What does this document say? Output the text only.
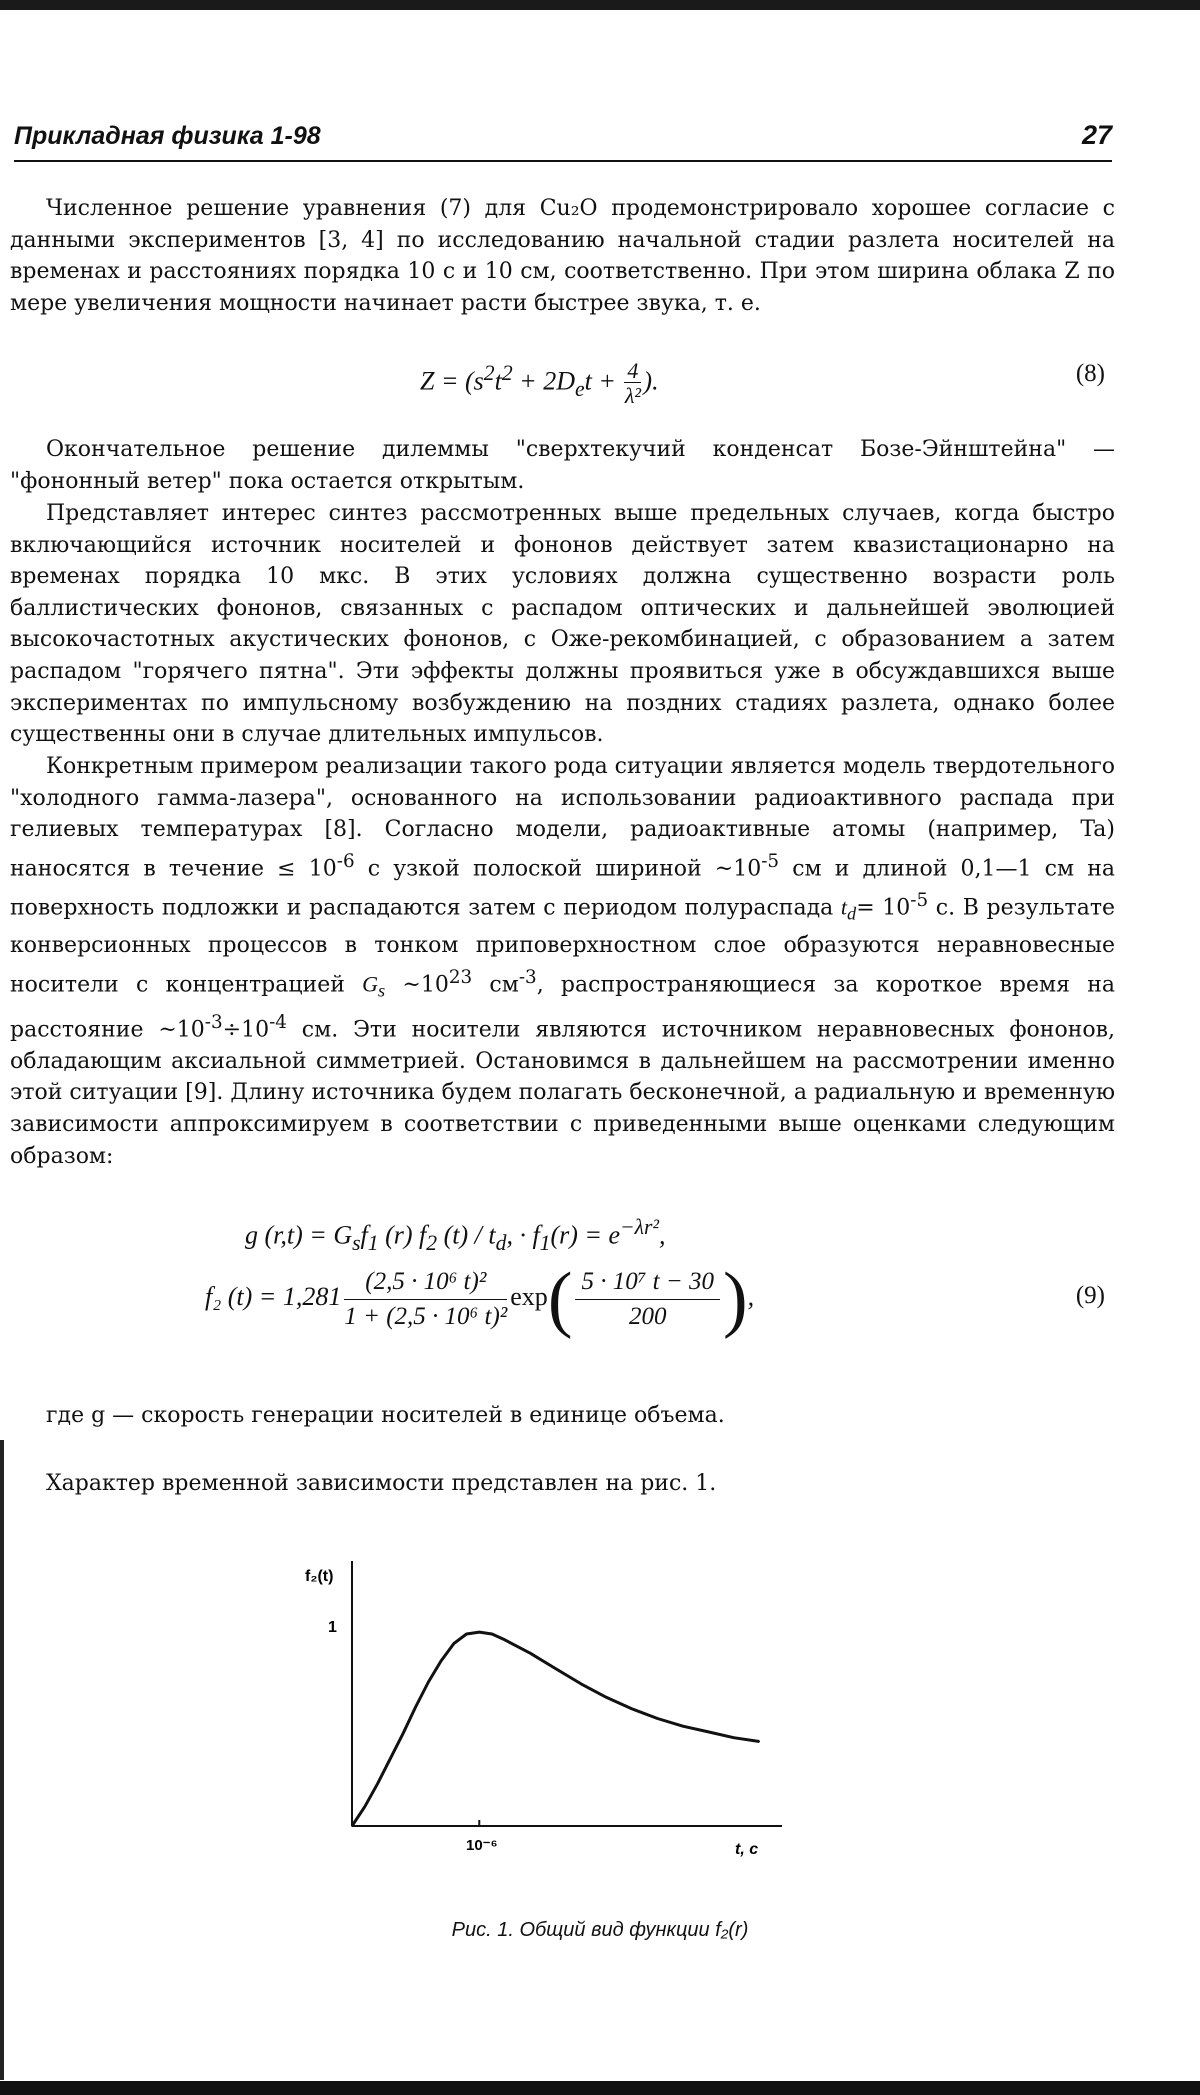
Прикладная физика 1-98	27

Численное решение уравнения (7) для Cu₂O продемонстрировало хорошее согласие с данными экспериментов [3, 4] по исследованию начальной стадии разлета носителей на временах и расстояниях порядка 10 с и 10 см, соответственно. При этом ширина облака Z по мере увеличения мощности начинает расти быстрее звука, т. е.

$Z = (s^2t^2 + 2D_et + \frac{4}{\text{λ²}}$ ).	(8)

Окончательное решение дилеммы "сверхтекучий конденсат Бозе-Эйнштейна" — "фононный ветер" пока остается открытым.

Представляет интерес синтез рассмотренных выше предельных случаев, когда быстро включающийся источник носителей и фононов действует затем квазистационарно на временах порядка 10 мкс. В этих условиях должна существенно возрасти роль баллистических фононов, связанных с распадом оптических и дальнейшей эволюцией высокочастотных акустических фононов, с Оже-рекомбинацией, с образованием а затем распадом "горячего пятна". Эти эффекты должны проявиться уже в обсуждавшихся выше экспериментах по импульсному возбуждению на поздних стадиях разлета, однако более существенны они в случае длительных импульсов.

Конкретным примером реализации такого рода ситуации является модель твердотельного "холодного гамма-лазера", основанного на использовании радиоактивного распада при гелиевых температурах [8]. Согласно модели, радиоактивные атомы (например, Ta) наносятся в течение ≤ $10^{-6}$ с узкой полоской шириной $\sim 10^{-5}$ см и длиной 0,1—1 см на поверхность подложки и распадаются затем с периодом полураспада $t_d= 10^{-5}$ с. В результате конверсионных процессов в тонком приповерхностном слое образуются неравновесные носители с концентрацией $G_s$ $\sim 10^{23}$ $см^{-3}$, распространяющиеся за короткое время на расстояние $\sim 10^{-3}\div 10^{-4}$ см. Эти носители являются источником неравновесных фононов, обладающим аксиальной симметрией. Остановимся в дальнейшем на рассмотрении именно этой ситуации [9]. Длину источника будем полагать бесконечной, а радиальную и временную зависимости аппроксимируем в соответствии с приведенными выше оценками следующим образом:

g $(r,t) = G_sf_1$ (r) $f_2$ $(t) / t_d$, · $f_1(r) = e^{-\lambda r^2}$,
f₂ $(t) = 1,281 \frac{\text{(2,5 · 10⁶ t)²}}{\text{1 + (2,5 · 10⁶ t)²}} \exp( \frac{\text{5 · 10⁷ t − 30}}{200}$ ),	(9)

где g — скорость генерации носителей в единице объема.

Характер временной зависимости представлен на рис. 1.

f₂(t)
1
10⁻⁶	t, c
Рис. 1. Общий вид функции f₂(r)
